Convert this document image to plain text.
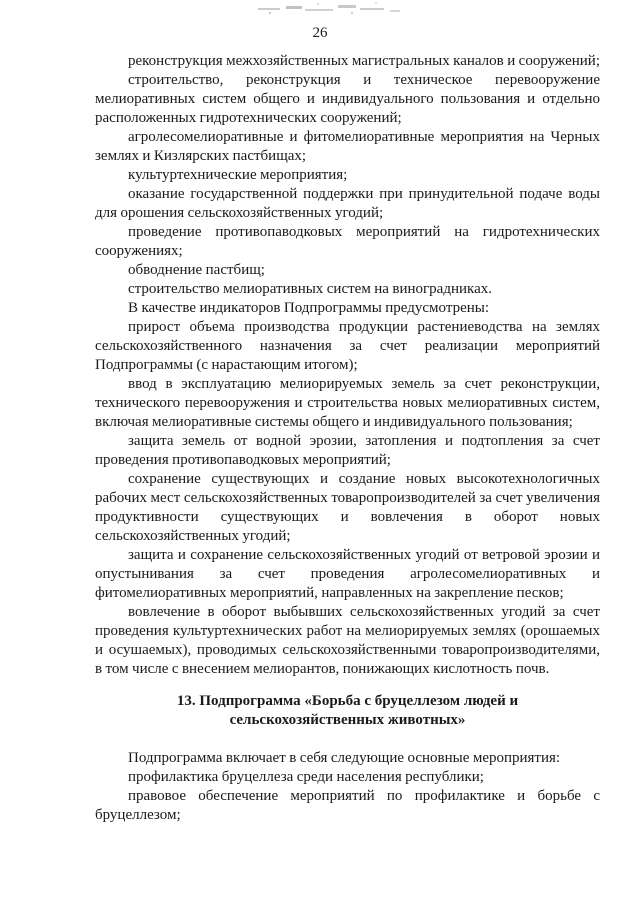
26

реконструкция межхозяйственных магистральных каналов и сооружений;

строительство, реконструкция и техническое перевооружение мелиоративных систем общего и индивидуального пользования и отдельно расположенных гидротехнических сооружений;

агролесомелиоративные и фитомелиоративные мероприятия на Черных землях и Кизлярских пастбищах;

культуртехнические мероприятия;

оказание государственной поддержки при принудительной подаче воды для орошения сельскохозяйственных угодий;

проведение противопаводковых мероприятий на гидротехнических сооружениях;

обводнение пастбищ;

строительство мелиоративных систем на виноградниках.

В качестве индикаторов Подпрограммы предусмотрены:

прирост объема производства продукции растениеводства на землях сельскохозяйственного назначения за счет реализации мероприятий Подпрограммы (с нарастающим итогом);

ввод в эксплуатацию мелиорируемых земель за счет реконструкции, технического перевооружения и строительства новых мелиоративных систем, включая мелиоративные системы общего и индивидуального пользования;

защита земель от водной эрозии, затопления и подтопления за счет проведения противопаводковых мероприятий;

сохранение существующих и создание новых высокотехнологичных рабочих мест сельскохозяйственных товаропроизводителей за счет увеличения продуктивности существующих и вовлечения в оборот новых сельскохозяйственных угодий;

защита и сохранение сельскохозяйственных угодий от ветровой эрозии и опустынивания за счет проведения агролесомелиоративных и фитомелиоративных мероприятий, направленных на закрепление песков;

вовлечение в оборот выбывших сельскохозяйственных угодий за счет проведения культуртехнических работ на мелиорируемых землях (орошаемых и осушаемых), проводимых сельскохозяйственными товаропроизводителями, в том числе с внесением мелиорантов, понижающих кислотность почв.

13. Подпрограмма «Борьба с бруцеллезом людей и сельскохозяйственных животных»

Подпрограмма включает в себя следующие основные мероприятия:

профилактика бруцеллеза среди населения республики;

правовое обеспечение мероприятий по профилактике и борьбе с бруцеллезом;
